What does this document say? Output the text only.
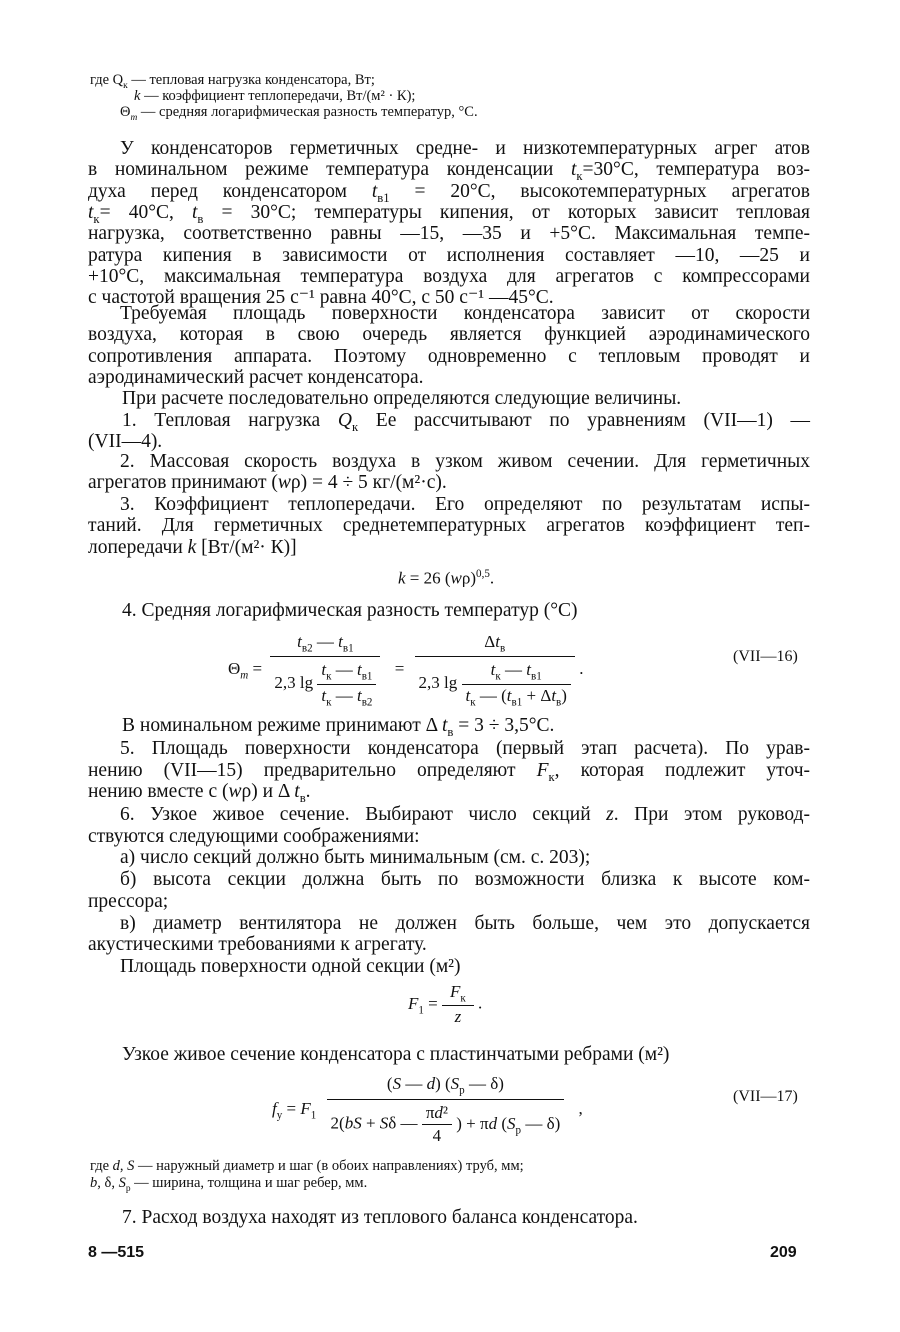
где $Q_к$ — тепловая нагрузка конденсатора, Вт;
k — коэффициент теплопередачи, Вт/(м² · К);
$\Theta_m$ — средняя логарифмическая разность температур, °С.
У конденсаторов герметичных средне- и низкотемпературных агрег атов
в номинальном режиме температура конденсации $t_к=30^\circ С$, температура воз-
духа перед конденсатором $t_{в1} = 20^\circ С$, высокотемпературных агрегатов
$t_к= 40^\circ С$, $t_в = 30^\circ С$; температуры кипения, от которых зависит тепловая
нагрузка, соответственно равны —15, —35 и +5°С. Максимальная темпе-
ратура кипения в зависимости от исполнения составляет —10, —25 и
+10°С, максимальная температура воздуха для агрегатов с компрессорами
с частотой вращения 25 с⁻¹ равна 40°С, с 50 с⁻¹ —45°С.
Требуемая площадь поверхности конденсатора зависит от скорости
воздуха, которая в свою очередь является функцией аэродинамического
сопротивления аппарата. Поэтому одновременно с тепловым проводят и
аэродинамический расчет конденсатора.
При расчете последовательно определяются следующие величины.
1. Тепловая нагрузка $Q_к$ Ее рассчитывают по уравнениям (VII—1) —
(VII—4).
2. Массовая скорость воздуха в узком живом сечении. Для герметичных
агрегатов принимают (wρ) = 4 ÷ 5 кг/(м²·с).
3. Коэффициент теплопередачи. Его определяют по результатам испы-
таний. Для герметичных среднетемпературных агрегатов коэффициент теп-
лопередачи k [Вт/(м²· К)]
k = 26 $(w\rho)^{0,5}$.
4. Средняя логарифмическая разность температур (°С)
$\Theta_m = \frac{t_{в2} — t_{в1}}{2,3 \lg \frac{t_к — t_{в1}}{t_к — t_{в2}}}$ =
$\Delta t_в$
2,3 $\lg \frac{t_к — t_{в1}}{t_к — (t_{в1} + \Delta t_в)}$ .
(VII—16)
В номинальном режиме принимают Δ $t_в = 3 \div 3,5^\circ С$.
5. Площадь поверхности конденсатора (первый этап расчета). По урав-
нению (VII—15) предварительно определяют $F_к$, которая подлежит уточ-
нению вместе с (wρ) и Δ $t_в$.
6. Узкое живое сечение. Выбирают число секций z. При этом руковод-
ствуются следующими соображениями:
а) число секций должно быть минимальным (см. с. 203);
б) высота секции должна быть по возможности близка к высоте ком-
прессора;
в) диаметр вентилятора не должен быть больше, чем это допускается
акустическими требованиями к агрегату.
Площадь поверхности одной секции (м²)
$F_1 = \frac{F_к}{z}$ .
Узкое живое сечение конденсатора с пластинчатыми ребрами (м²)
$f_у = F_1$
(S — d) ($S_р$ — δ)
2(bS + Sδ — $\frac{\text{πd²}}{4}$ ) + πd ($S_р$ — δ)
,
(VII—17)
где d, S — наружный диаметр и шаг (в обоих направлениях) труб, мм;
b, δ, $S_р$ — ширина, толщина и шаг ребер, мм.
7. Расход воздуха находят из теплового баланса конденсатора.
8 —515	209
